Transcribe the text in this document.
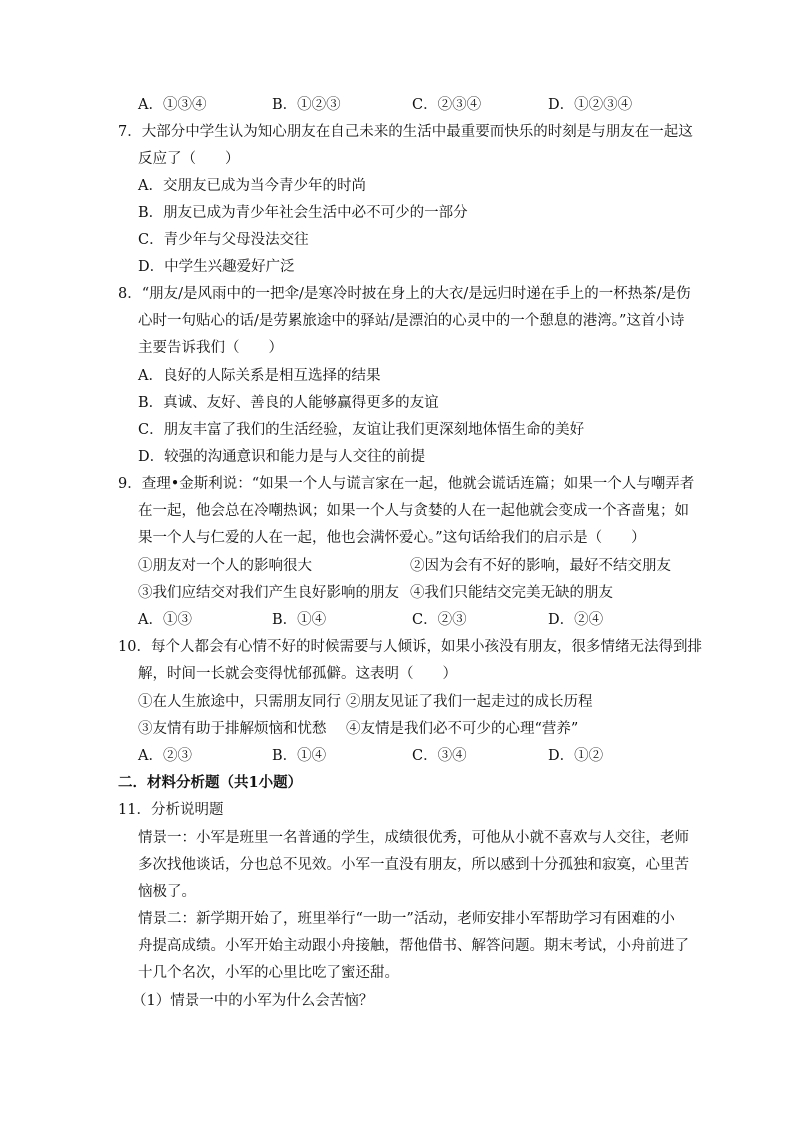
A．①③④	B．①②③	C．②③④	D．①②③④
7．大部分中学生认为知心朋友在自己未来的生活中最重要而快乐的时刻是与朋友在一起这
反应了（　　）
A．交朋友已成为当今青少年的时尚
B．朋友已成为青少年社会生活中必不可少的一部分
C．青少年与父母没法交往
D．中学生兴趣爱好广泛
8．“朋友/是风雨中的一把伞/是寒冷时披在身上的大衣/是远归时递在手上的一杯热茶/是伤
心时一句贴心的话/是劳累旅途中的驿站/是漂泊的心灵中的一个憩息的港湾。”这首小诗
主要告诉我们（　　）
A．良好的人际关系是相互选择的结果
B．真诚、友好、善良的人能够赢得更多的友谊
C．朋友丰富了我们的生活经验，友谊让我们更深刻地体悟生命的美好
D．较强的沟通意识和能力是与人交往的前提
9．查理•金斯利说：“如果一个人与谎言家在一起，他就会谎话连篇；如果一个人与嘲弄者
在一起，他会总在冷嘲热讽；如果一个人与贪婪的人在一起他就会变成一个吝啬鬼；如
果一个人与仁爱的人在一起，他也会满怀爱心。”这句话给我们的启示是（　　）
①朋友对一个人的影响很大	②因为会有不好的影响，最好不结交朋友
③我们应结交对我们产生良好影响的朋友 ④我们只能结交完美无缺的朋友
A．①③	B．①④	C．②③	D．②④
10．每个人都会有心情不好的时候需要与人倾诉，如果小孩没有朋友，很多情绪无法得到排
解，时间一长就会变得忧郁孤僻。这表明（　　）
①在人生旅途中，只需朋友同行 ②朋友见证了我们一起走过的成长历程
③友情有助于排解烦恼和忧愁 ④友情是我们必不可少的心理“营养”
A．②③	B．①④	C．③④	D．①②
二．材料分析题（共1小题）
11．分析说明题
情景一：小军是班里一名普通的学生，成绩很优秀，可他从小就不喜欢与人交往，老师
多次找他谈话，分也总不见效。小军一直没有朋友，所以感到十分孤独和寂寞，心里苦
恼极了。
情景二：新学期开始了，班里举行“一助一”活动，老师安排小军帮助学习有困难的小
舟提高成绩。小军开始主动跟小舟接触，帮他借书、解答问题。期末考试，小舟前进了
十几个名次，小军的心里比吃了蜜还甜。
（1）情景一中的小军为什么会苦恼？
